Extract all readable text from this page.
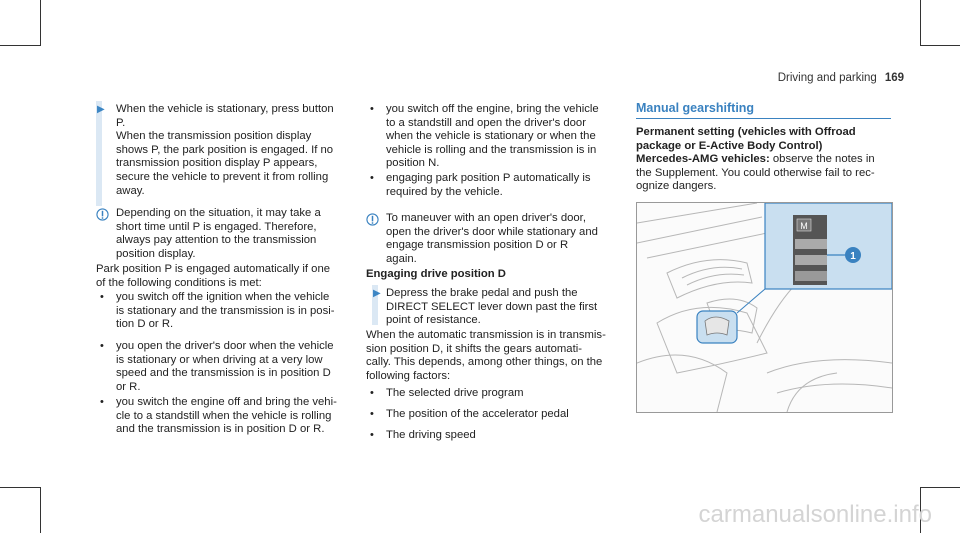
Driving and parking 169
▶ When the vehicle is stationary, press button

P.

When the transmission position display

shows P, the park position is engaged. If no

transmission position display P appears,

secure the vehicle to prevent it from rolling

away.

Depending on the situation, it may take a

short time until P is engaged. Therefore,

always pay attention to the transmission

position display.

Park position P is engaged automatically if one

of the following conditions is met:

• you switch off the ignition when the vehicle

is stationary and the transmission is in posi-

tion D or R.

• you open the driver's door when the vehicle

is stationary or when driving at a very low

speed and the transmission is in position D

or R.

• you switch the engine off and bring the vehi-

cle to a standstill when the vehicle is rolling

and the transmission is in position D or R.

• you switch off the engine, bring the vehicle

to a standstill and open the driver's door

when the vehicle is stationary or when the

vehicle is rolling and the transmission is in

position N.

• engaging park position P automatically is

required by the vehicle.

To maneuver with an open driver's door,

open the driver's door while stationary and

engage transmission position D or R

again.

Engaging drive position D
▶ Depress the brake pedal and push the

DIRECT SELECT lever down past the first

point of resistance.

When the automatic transmission is in transmis-

sion position D, it shifts the gears automati-

cally. This depends, among other things, on the

following factors:

• The selected drive program
• The position of the accelerator pedal
• The driving speed
Manual gearshifting

Permanent setting (vehicles with Offroad

package or E-Active Body Control)

Mercedes-AMG vehicles: observe the notes in

the Supplement. You could otherwise fail to rec-

ognize dangers.

M
1
carmanualsonline.info
